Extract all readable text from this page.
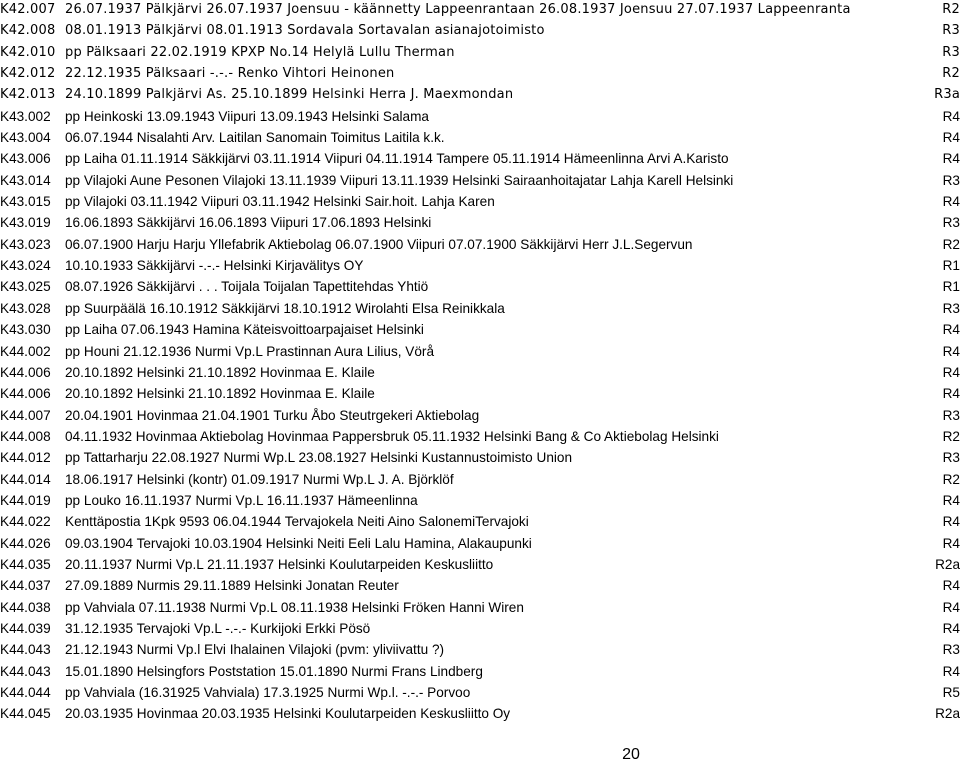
K42.007 26.07.1937 Pälkjärvi 26.07.1937 Joensuu - käännetty Lappeenrantaan 26.08.1937 Joensuu 27.07.1937 Lappeenranta	R2
K42.008 08.01.1913 Pälkjärvi 08.01.1913 Sordavala Sortavalan asianajotoimisto	R3
K42.010 pp Pälksaari 22.02.1919 KPXP No.14 Helylä Lullu Therman	R3
K42.012 22.12.1935 Pälksaari -.-.- Renko Vihtori Heinonen	R2
K42.013 24.10.1899 Palkjärvi As. 25.10.1899 Helsinki Herra J. Maexmondan	R3a
K43.002 pp Heinkoski 13.09.1943 Viipuri 13.09.1943 Helsinki Salama	R4
K43.004 06.07.1944 Nisalahti Arv. Laitilan Sanomain Toimitus Laitila k.k.	R4
K43.006 pp Laiha 01.11.1914 Säkkijärvi 03.11.1914 Viipuri 04.11.1914 Tampere 05.11.1914 Hämeenlinna Arvi A.Karisto	R4
K43.014 pp Vilajoki Aune Pesonen Vilajoki 13.11.1939 Viipuri 13.11.1939 Helsinki Sairaanhoitajatar Lahja Karell Helsinki	R3
K43.015 pp Vilajoki 03.11.1942 Viipuri 03.11.1942 Helsinki Sair.hoit. Lahja Karen	R4
K43.019 16.06.1893 Säkkijärvi 16.06.1893 Viipuri 17.06.1893 Helsinki	R3
K43.023 06.07.1900 Harju Harju Yllefabrik Aktiebolag 06.07.1900 Viipuri 07.07.1900 Säkkijärvi Herr J.L.Segervun	R2
K43.024 10.10.1933 Säkkijärvi -.-.- Helsinki Kirjavälitys OY	R1
K43.025 08.07.1926 Säkkijärvi . . . Toijala Toijalan Tapettitehdas Yhtiö	R1
K43.028 pp Suurpäälä 16.10.1912 Säkkijärvi 18.10.1912 Wirolahti Elsa Reinikkala	R3
K43.030 pp Laiha 07.06.1943 Hamina Käteisvoittoarpajaiset Helsinki	R4
K44.002 pp Houni 21.12.1936 Nurmi Vp.L Prastinnan Aura Lilius, Vörå	R4
K44.006 20.10.1892 Helsinki 21.10.1892 Hovinmaa E. Klaile	R4
K44.006 20.10.1892 Helsinki 21.10.1892 Hovinmaa E. Klaile	R4
K44.007 20.04.1901 Hovinmaa 21.04.1901 Turku Åbo Steutrgekeri Aktiebolag	R3
K44.008 04.11.1932 Hovinmaa Aktiebolag Hovinmaa Pappersbruk 05.11.1932 Helsinki Bang & Co Aktiebolag Helsinki	R2
K44.012 pp Tattarharju 22.08.1927 Nurmi Wp.L 23.08.1927 Helsinki Kustannustoimisto Union	R3
K44.014 18.06.1917 Helsinki (kontr) 01.09.1917 Nurmi Wp.L J. A. Björklöf	R2
K44.019 pp Louko 16.11.1937 Nurmi Vp.L 16.11.1937 Hämeenlinna	R4
K44.022 Kenttäpostia 1Kpk 9593 06.04.1944 Tervajokela Neiti Aino SalonemiTervajoki	R4
K44.026 09.03.1904 Tervajoki 10.03.1904 Helsinki Neiti Eeli Lalu Hamina, Alakaupunki	R4
K44.035 20.11.1937 Nurmi Vp.L 21.11.1937 Helsinki Koulutarpeiden Keskusliitto	R2a
K44.037 27.09.1889 Nurmis 29.11.1889 Helsinki Jonatan Reuter	R4
K44.038 pp Vahviala 07.11.1938 Nurmi Vp.L 08.11.1938 Helsinki Fröken Hanni Wiren	R4
K44.039 31.12.1935 Tervajoki Vp.L -.-.- Kurkijoki Erkki Pösö	R4
K44.043 21.12.1943 Nurmi Vp.l Elvi Ihalainen Vilajoki (pvm: yliviivattu ?)	R3
K44.043 15.01.1890 Helsingfors Poststation 15.01.1890 Nurmi Frans Lindberg	R4
K44.044 pp Vahviala (16.31925 Vahviala) 17.3.1925 Nurmi Wp.l. -.-.- Porvoo	R5
K44.045 20.03.1935 Hovinmaa 20.03.1935 Helsinki Koulutarpeiden Keskusliitto Oy	R2a
20
